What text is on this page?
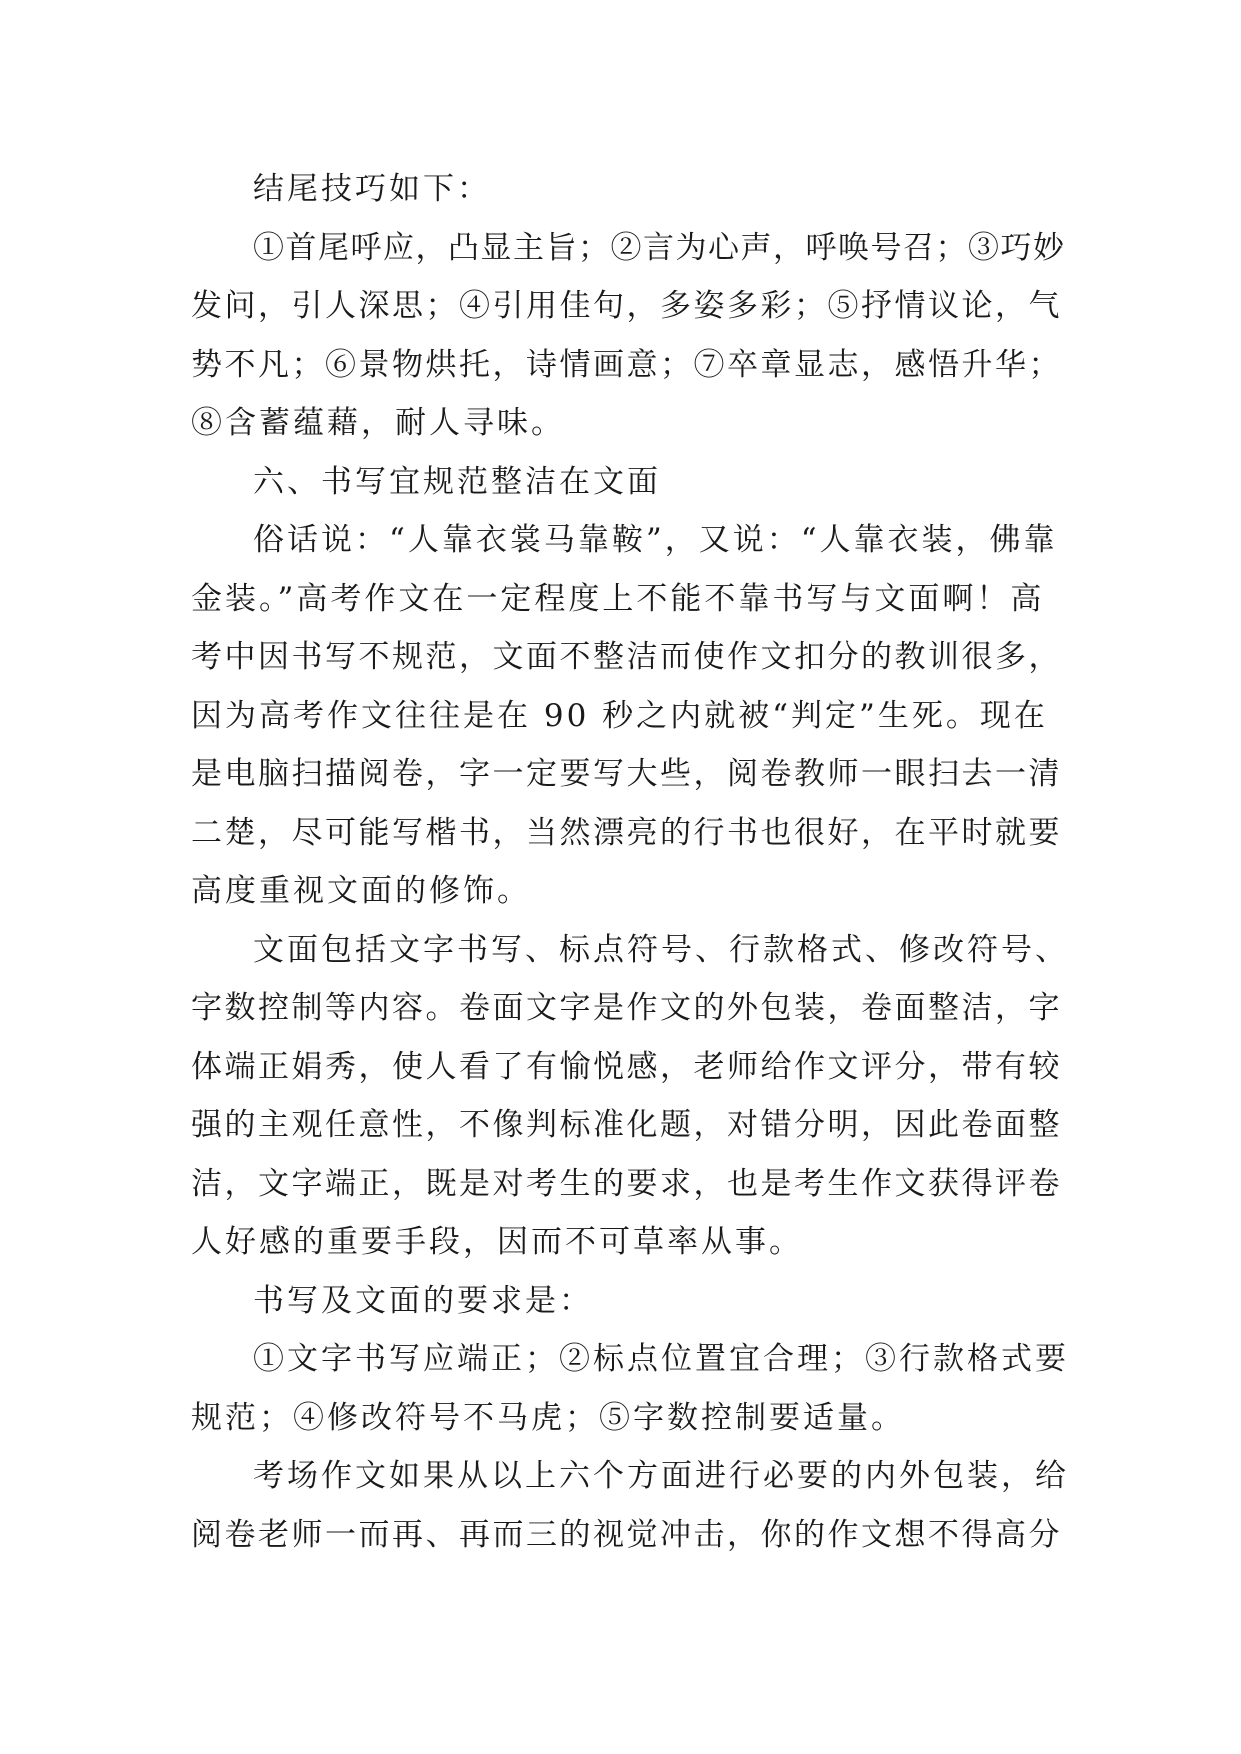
结尾技巧如下：
①首尾呼应，凸显主旨；②言为心声，呼唤号召；③巧妙
发问，引人深思；④引用佳句，多姿多彩；⑤抒情议论，气
势不凡；⑥景物烘托，诗情画意；⑦卒章显志，感悟升华；
⑧含蓄蕴藉，耐人寻味。
六、书写宜规范整洁在文面
俗话说：“人靠衣裳马靠鞍”，又说：“人靠衣装，佛靠
金装。”高考作文在一定程度上不能不靠书写与文面啊！高
考中因书写不规范，文面不整洁而使作文扣分的教训很多，
因为高考作文往往是在 90 秒之内就被“判定”生死。现在
是电脑扫描阅卷，字一定要写大些，阅卷教师一眼扫去一清
二楚，尽可能写楷书，当然漂亮的行书也很好，在平时就要
高度重视文面的修饰。
文面包括文字书写、标点符号、行款格式、修改符号、
字数控制等内容。卷面文字是作文的外包装，卷面整洁，字
体端正娟秀，使人看了有愉悦感，老师给作文评分，带有较
强的主观任意性，不像判标准化题，对错分明，因此卷面整
洁，文字端正，既是对考生的要求，也是考生作文获得评卷
人好感的重要手段，因而不可草率从事。
书写及文面的要求是：
①文字书写应端正；②标点位置宜合理；③行款格式要
规范；④修改符号不马虎；⑤字数控制要适量。
考场作文如果从以上六个方面进行必要的内外包装，给
阅卷老师一而再、再而三的视觉冲击，你的作文想不得高分
